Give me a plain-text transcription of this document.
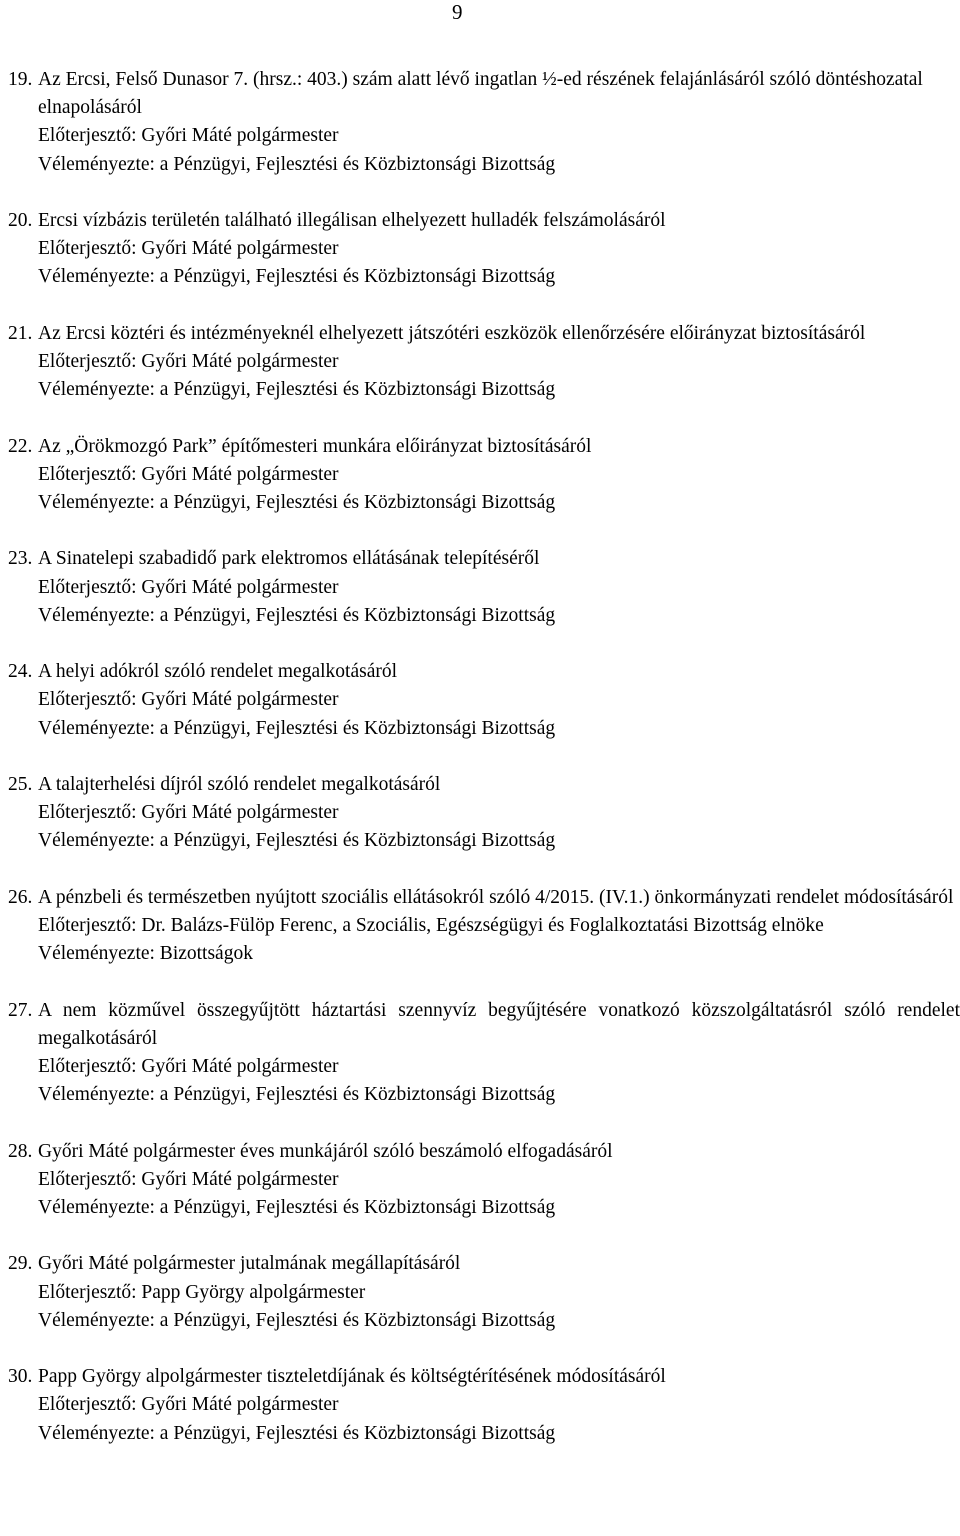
9
19. Az Ercsi, Felső Dunasor 7. (hrsz.: 403.) szám alatt lévő ingatlan ½-ed részének felajánlásáról szóló döntéshozatal elnapolásáról
Előterjesztő: Győri Máté polgármester
Véleményezte: a Pénzügyi, Fejlesztési és Közbiztonsági Bizottság
20. Ercsi vízbázis területén található illegálisan elhelyezett hulladék felszámolásáról
Előterjesztő: Győri Máté polgármester
Véleményezte: a Pénzügyi, Fejlesztési és Közbiztonsági Bizottság
21. Az Ercsi köztéri és intézményeknél elhelyezett játszótéri eszközök ellenőrzésére előirányzat biztosításáról
Előterjesztő: Győri Máté polgármester
Véleményezte: a Pénzügyi, Fejlesztési és Közbiztonsági Bizottság
22. Az „Örökmozgó Park” építőmesteri munkára előirányzat biztosításáról
Előterjesztő: Győri Máté polgármester
Véleményezte: a Pénzügyi, Fejlesztési és Közbiztonsági Bizottság
23. A Sinatelepi szabadidő park elektromos ellátásának telepítéséről
Előterjesztő: Győri Máté polgármester
Véleményezte: a Pénzügyi, Fejlesztési és Közbiztonsági Bizottság
24. A helyi adókról szóló rendelet megalkotásáról
Előterjesztő: Győri Máté polgármester
Véleményezte: a Pénzügyi, Fejlesztési és Közbiztonsági Bizottság
25. A talajterhelési díjról szóló rendelet megalkotásáról
Előterjesztő: Győri Máté polgármester
Véleményezte: a Pénzügyi, Fejlesztési és Közbiztonsági Bizottság
26. A pénzbeli és természetben nyújtott szociális ellátásokról szóló 4/2015. (IV.1.) önkormányzati rendelet módosításáról
Előterjesztő: Dr. Balázs-Fülöp Ferenc, a Szociális, Egészségügyi és Foglalkoztatási Bizottság elnöke
Véleményezte: Bizottságok
27. A nem közművel összegyűjtött háztartási szennyvíz begyűjtésére vonatkozó közszolgáltatásról szóló rendelet megalkotásáról
Előterjesztő: Győri Máté polgármester
Véleményezte: a Pénzügyi, Fejlesztési és Közbiztonsági Bizottság
28. Győri Máté polgármester éves munkájáról szóló beszámoló elfogadásáról
Előterjesztő: Győri Máté polgármester
Véleményezte: a Pénzügyi, Fejlesztési és Közbiztonsági Bizottság
29. Győri Máté polgármester jutalmának megállapításáról
Előterjesztő: Papp György alpolgármester
Véleményezte: a Pénzügyi, Fejlesztési és Közbiztonsági Bizottság
30. Papp György alpolgármester tiszteletdíjának és költségtérítésének módosításáról
Előterjesztő: Győri Máté polgármester
Véleményezte: a Pénzügyi, Fejlesztési és Közbiztonsági Bizottság
